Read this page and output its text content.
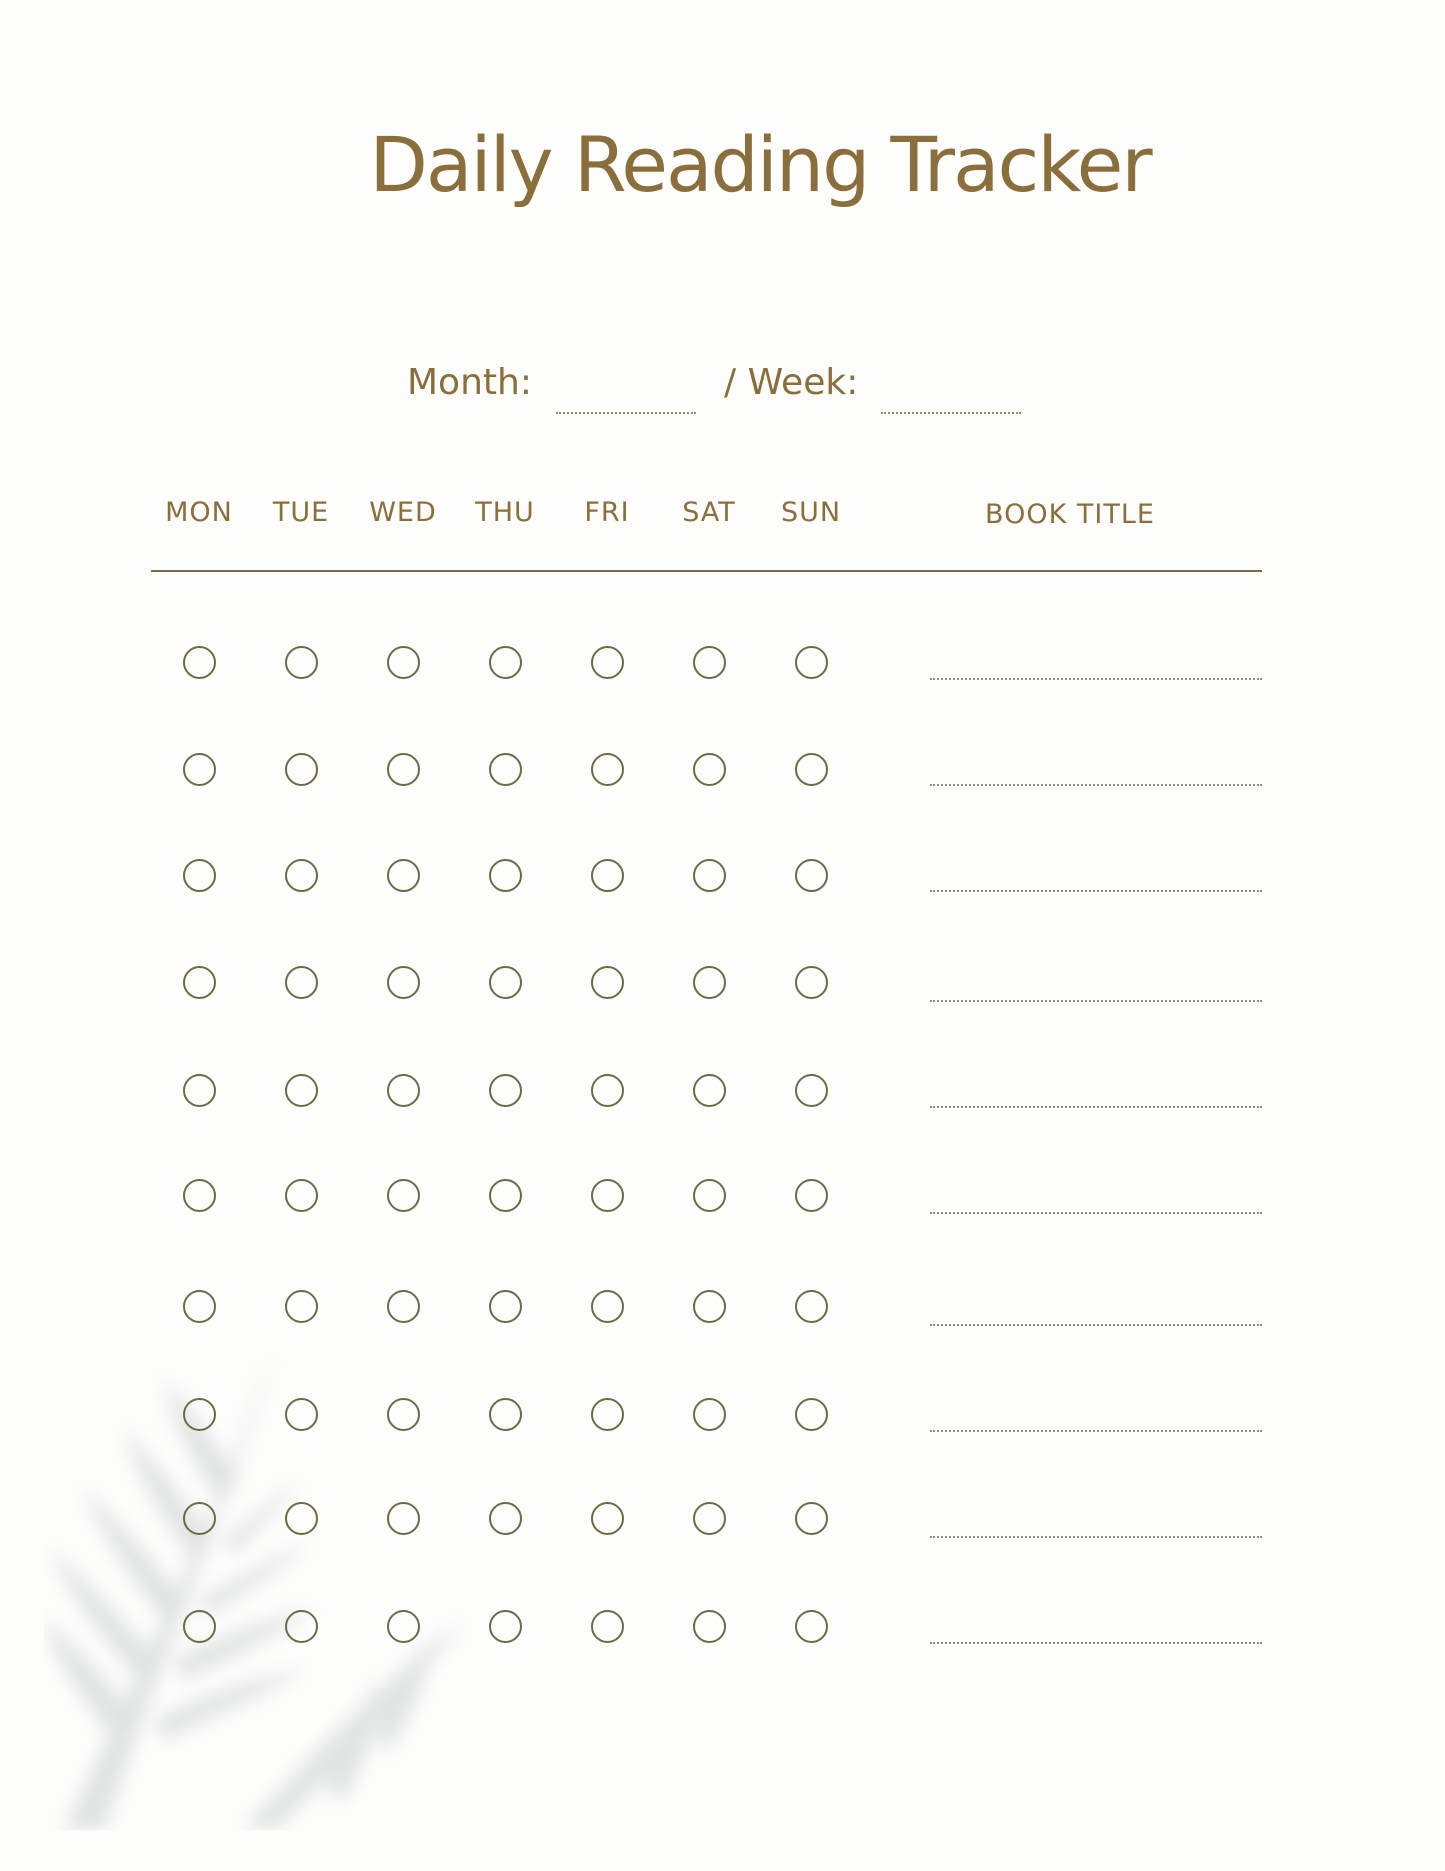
Daily Reading Tracker
Month:	/ Week:
MON	TUE	WED	THU	FRI	SAT	SUN	BOOK TITLE
